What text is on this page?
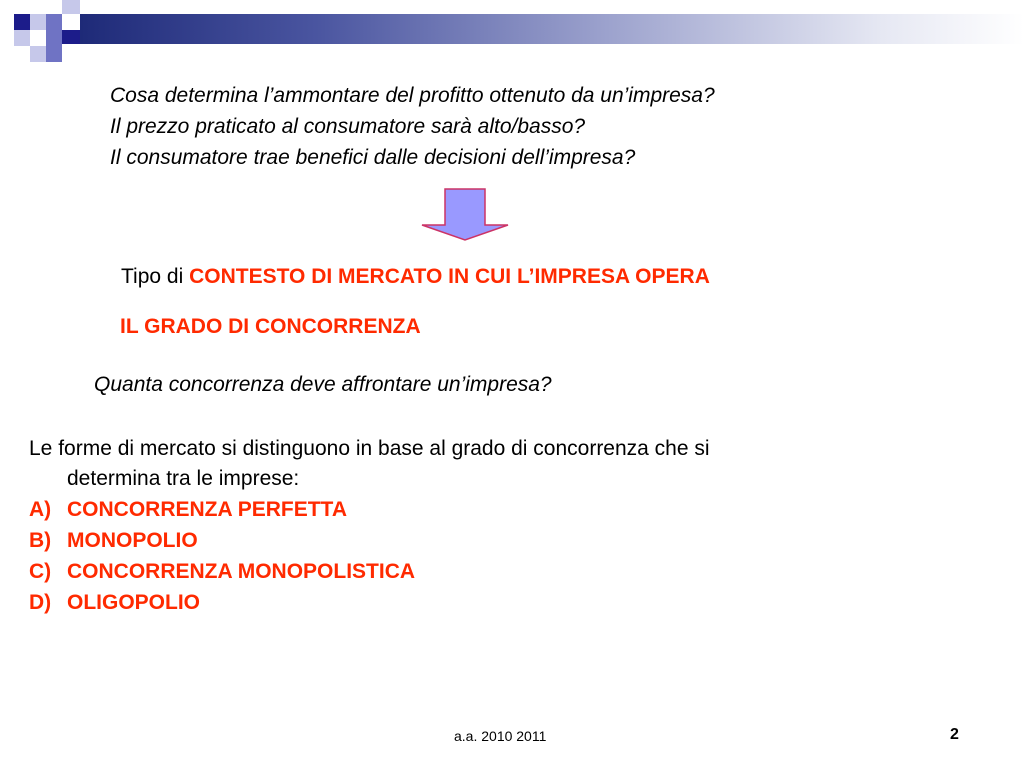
Cosa determina l’ammontare del profitto ottenuto da un’impresa?
Il prezzo praticato al consumatore sarà alto/basso?
Il consumatore trae benefici dalle decisioni dell’impresa?
Tipo di CONTESTO DI MERCATO IN CUI L’IMPRESA OPERA
IL GRADO DI CONCORRENZA
Quanta concorrenza deve affrontare un’impresa?
Le forme di mercato si distinguono in base al grado di concorrenza che si
determina tra le imprese:
A) CONCORRENZA PERFETTA
B) MONOPOLIO
C) CONCORRENZA MONOPOLISTICA
D) OLIGOPOLIO
a.a. 2010 2011	2
